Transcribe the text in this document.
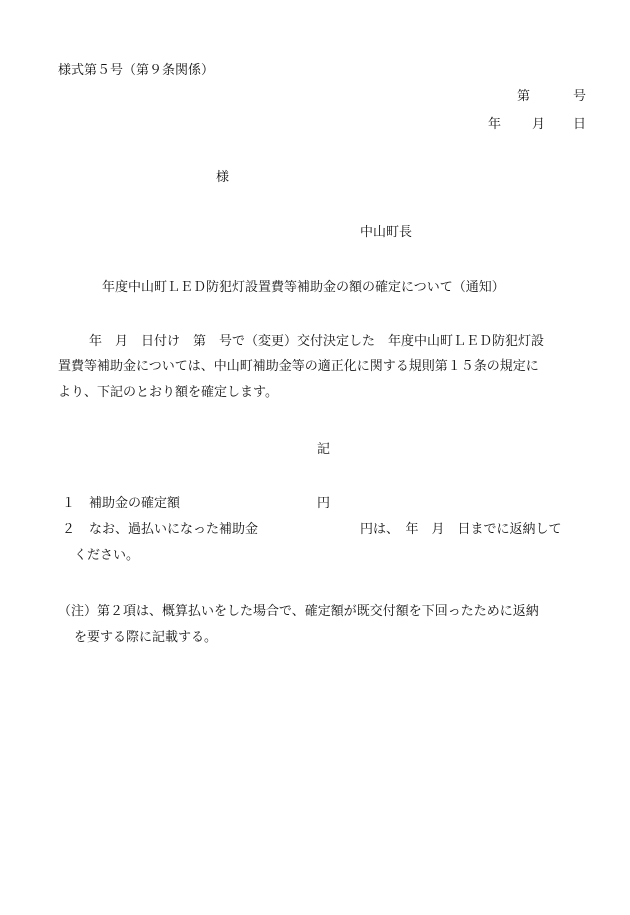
様式第５号（第９条関係）
第	号
年 月 日
様
中山町長
年度中山町ＬＥＤ防犯灯設置費等補助金の額の確定について（通知）
年　月　日付け　第　号で（変更）交付決定した　年度中山町ＬＥＤ防犯灯設
置費等補助金については、中山町補助金等の適正化に関する規則第１５条の規定に
より、下記のとおり額を確定します。
記
１ 補助金の確定額	円
２ なお、過払いになった補助金	円は、　年　月　日までに返納して
ください。
（注）第２項は、概算払いをした場合で、確定額が既交付額を下回ったために返納
を要する際に記載する。
